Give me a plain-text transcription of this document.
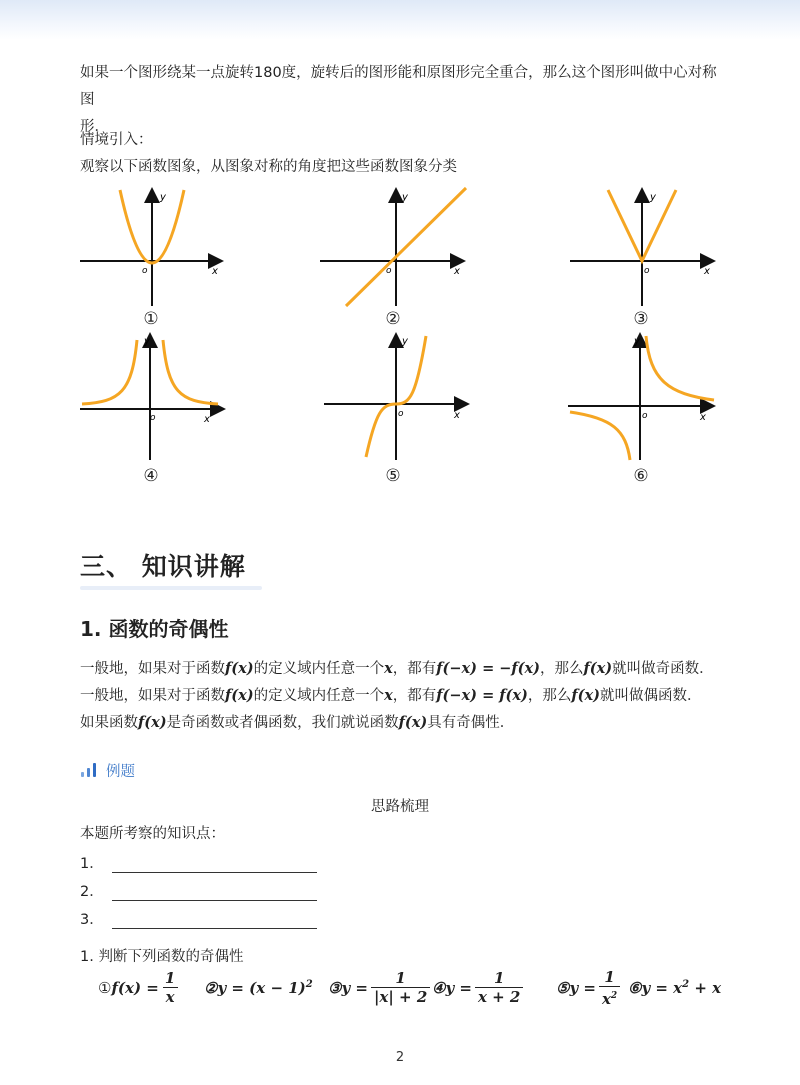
如果一个图形绕某一点旋转180度，旋转后的图形能和原图形完全重合，那么这个图形叫做中心对称图
形．
情境引入：
观察以下函数图象，从图象对称的角度把这些函数图象分类
y
x
o
①
y
x
o
②
y
x
o
③
y
x
o
④
y
x
o
⑤
y
x
o
⑥
三、 知识讲解
1. 函数的奇偶性
一般地，如果对于函数f(x)的定义域内任意一个x，都有f(−x) = −f(x)，那么f(x)就叫做奇函数．
一般地，如果对于函数f(x)的定义域内任意一个x，都有f(−x) = f(x)，那么f(x)就叫做偶函数．
如果函数f(x)是奇函数或者偶函数，我们就说函数f(x)具有奇偶性．
例题
思路梳理
本题所考察的知识点：
1．
2．
3．
1. 判断下列函数的奇偶性
① $f(x) = \frac{1}{x}$ ②y = $(x - 1)^2$ ③y = $\frac{1}{|x| + 2}$ ④y = $\frac{1}{x + 2}$ ⑤y = $\frac{1}{x^2}$ ⑥y = $x^2 + x$
2
